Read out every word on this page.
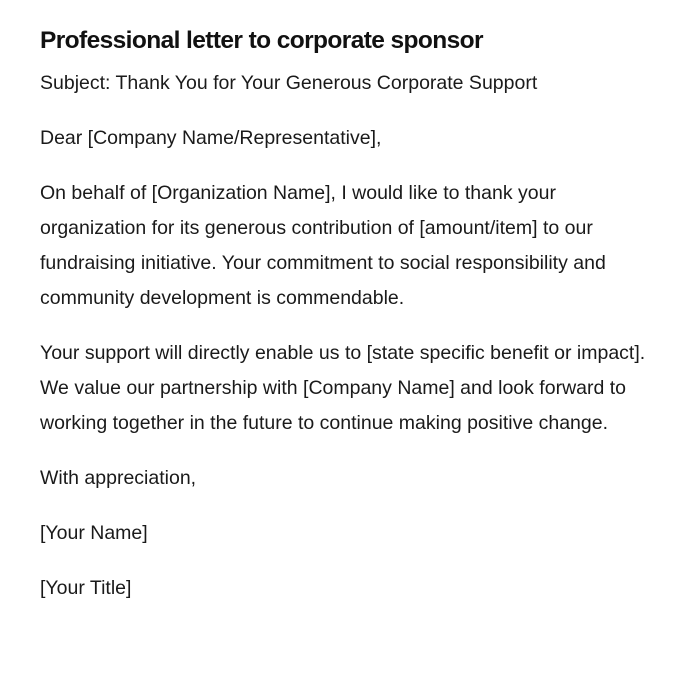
Professional letter to corporate sponsor

Subject: Thank You for Your Generous Corporate Support

Dear [Company Name/Representative],

On behalf of [Organization Name], I would like to thank your organization for its generous contribution of [amount/item] to our fundraising initiative. Your commitment to social responsibility and community development is commendable.

Your support will directly enable us to [state specific benefit or impact]. We value our partnership with [Company Name] and look forward to working together in the future to continue making positive change.

With appreciation,

[Your Name]

[Your Title]
